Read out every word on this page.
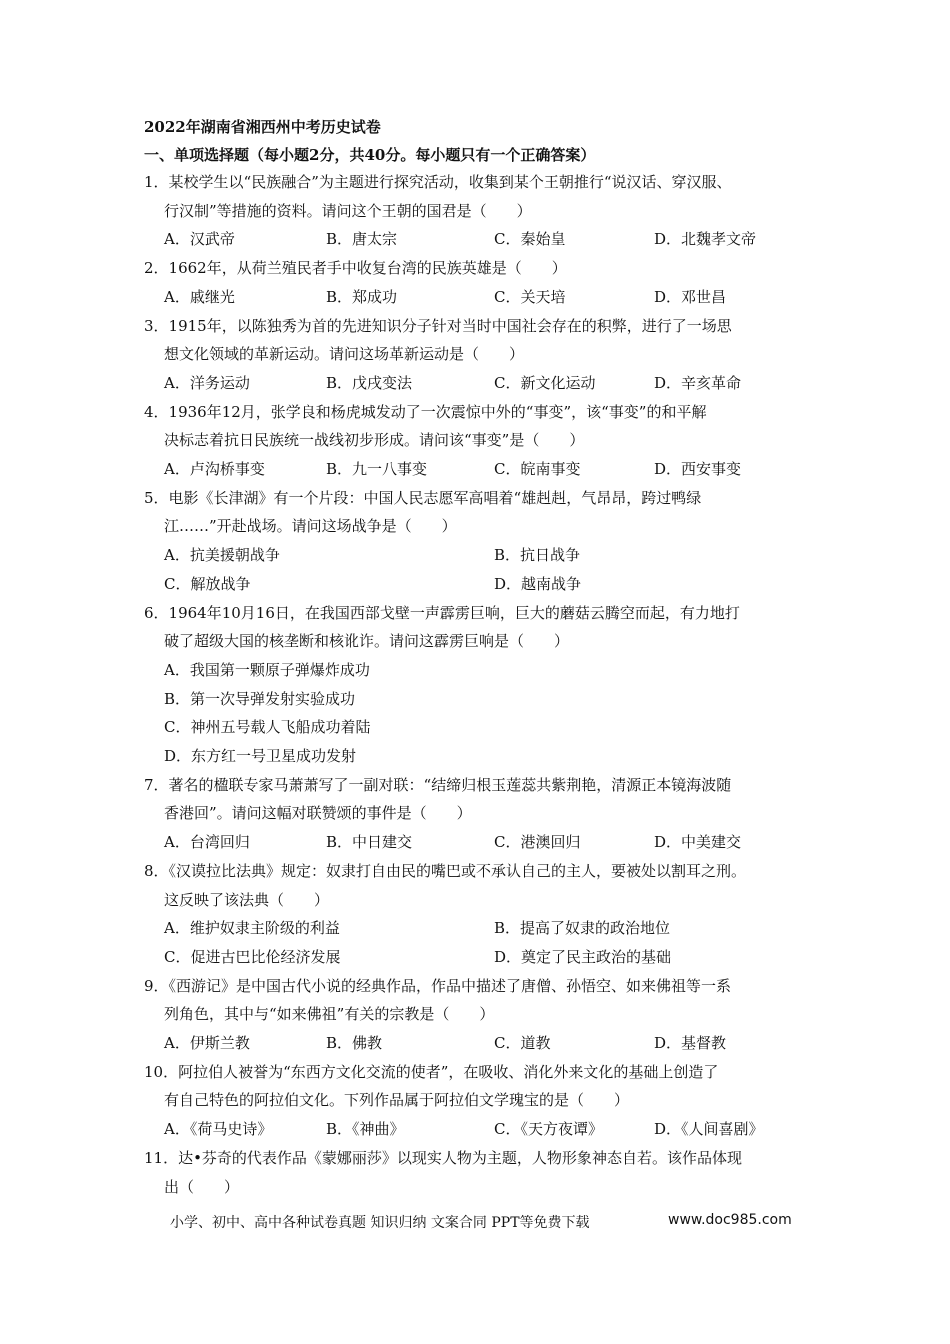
2022年湖南省湘西州中考历史试卷
一、单项选择题（每小题2分，共40分。每小题只有一个正确答案）
1．某校学生以“民族融合”为主题进行探究活动，收集到某个王朝推行“说汉话、穿汉服、
行汉制”等措施的资料。请问这个王朝的国君是（　　）
A．汉武帝	B．唐太宗	C．秦始皇	D．北魏孝文帝
2．1662年，从荷兰殖民者手中收复台湾的民族英雄是（　　）
A．戚继光	B．郑成功	C．关天培	D．邓世昌
3．1915年，以陈独秀为首的先进知识分子针对当时中国社会存在的积弊，进行了一场思
想文化领域的革新运动。请问这场革新运动是（　　）
A．洋务运动	B．戊戌变法	C．新文化运动	D．辛亥革命
4．1936年12月，张学良和杨虎城发动了一次震惊中外的“事变”，该“事变”的和平解
决标志着抗日民族统一战线初步形成。请问该“事变”是（　　）
A．卢沟桥事变	B．九一八事变	C．皖南事变	D．西安事变
5．电影《长津湖》有一个片段：中国人民志愿军高唱着“雄赳赳，气昂昂，跨过鸭绿
江……”开赴战场。请问这场战争是（　　）
A．抗美援朝战争	B．抗日战争
C．解放战争	D．越南战争
6．1964年10月16日，在我国西部戈壁一声霹雳巨响，巨大的蘑菇云腾空而起，有力地打
破了超级大国的核垄断和核讹诈。请问这霹雳巨响是（　　）
A．我国第一颗原子弹爆炸成功
B．第一次导弹发射实验成功
C．神州五号载人飞船成功着陆
D．东方红一号卫星成功发射
7．著名的楹联专家马萧萧写了一副对联：“结缔归根玉莲蕊共紫荆艳，清源正本镜海波随
香港回”。请问这幅对联赞颂的事件是（　　）
A．台湾回归	B．中日建交	C．港澳回归	D．中美建交
8．《汉谟拉比法典》规定：奴隶打自由民的嘴巴或不承认自己的主人，要被处以割耳之刑。
这反映了该法典（　　）
A．维护奴隶主阶级的利益	B．提高了奴隶的政治地位
C．促进古巴比伦经济发展	D．奠定了民主政治的基础
9．《西游记》是中国古代小说的经典作品，作品中描述了唐僧、孙悟空、如来佛祖等一系
列角色，其中与“如来佛祖”有关的宗教是（　　）
A．伊斯兰教	B．佛教	C．道教	D．基督教
10．阿拉伯人被誉为“东西方文化交流的使者”，在吸收、消化外来文化的基础上创造了
有自己特色的阿拉伯文化。下列作品属于阿拉伯文学瑰宝的是（　　）
A．《荷马史诗》	B．《神曲》	C．《天方夜谭》	D．《人间喜剧》
11．达•芬奇的代表作品《蒙娜丽莎》以现实人物为主题，人物形象神态自若。该作品体现
出（　　）
小学、初中、高中各种试卷真题 知识归纳 文案合同 PPT等免费下载	www.doc985.com
